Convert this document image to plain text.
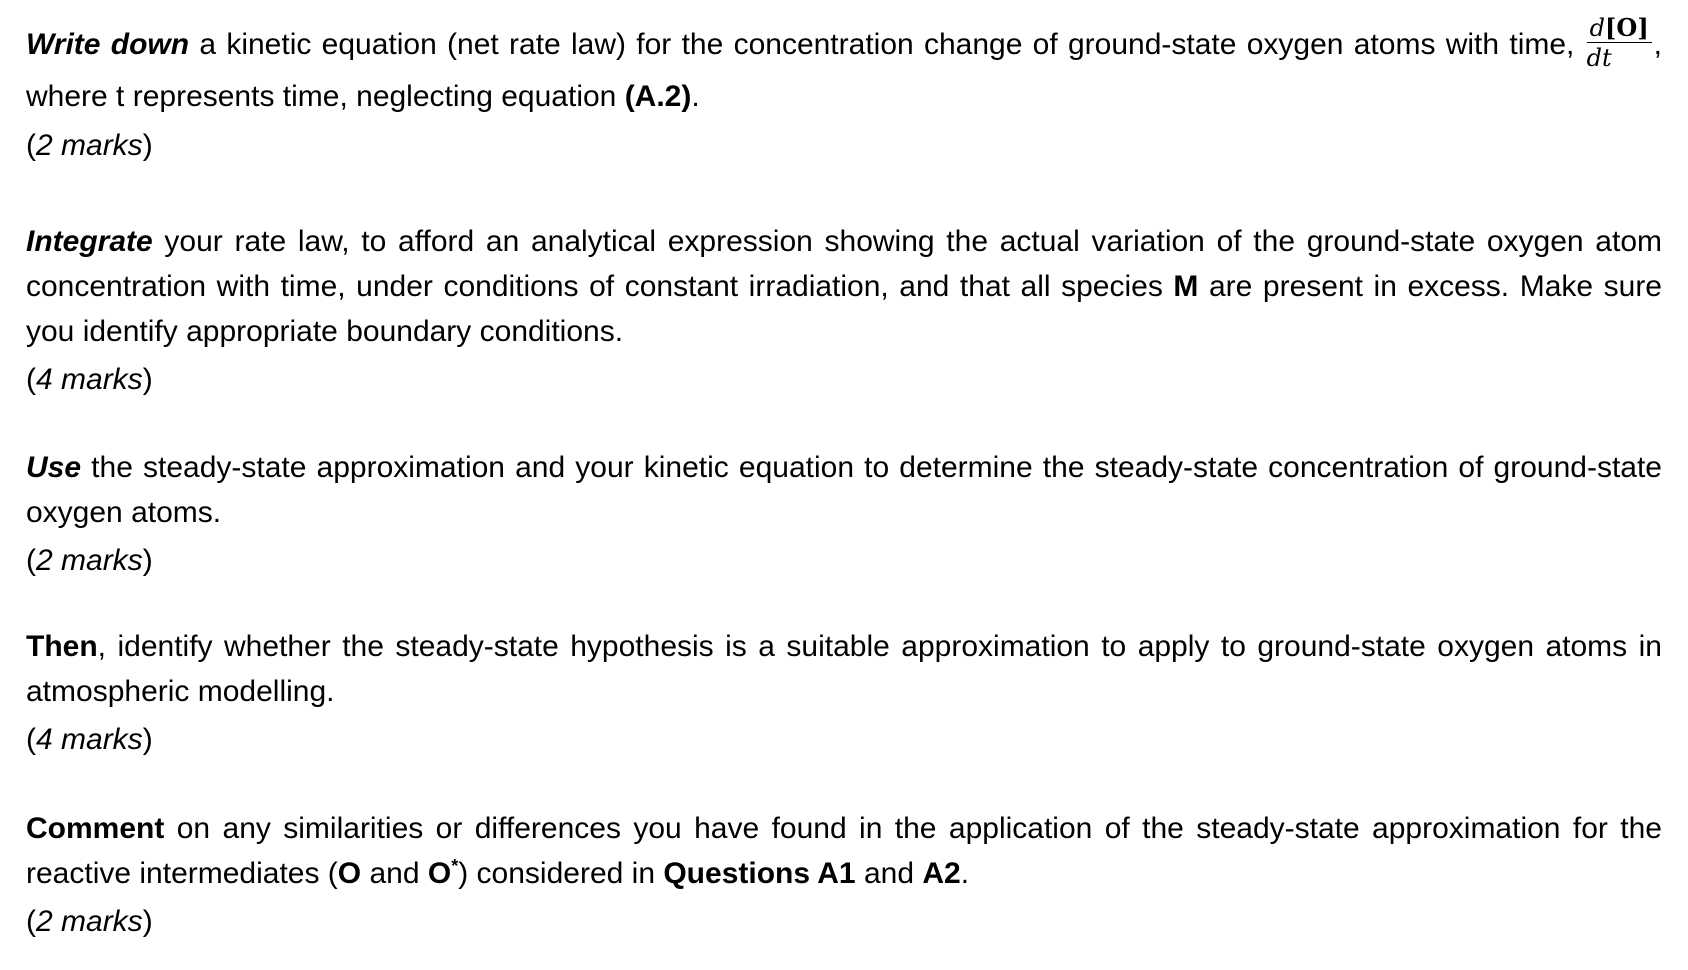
Write down a kinetic equation (net rate law) for the concentration change of ground-state oxygen atoms with time, $\frac{d[O]}{dt}$ , where t represents time, neglecting equation (A.2).

(2 marks)

Integrate your rate law, to afford an analytical expression showing the actual variation of the ground-state oxygen atom concentration with time, under conditions of constant irradiation, and that all species M are present in excess. Make sure you identify appropriate boundary conditions.

(4 marks)

Use the steady-state approximation and your kinetic equation to determine the steady-state concentration of ground-state oxygen atoms.

(2 marks)

Then, identify whether the steady-state hypothesis is a suitable approximation to apply to ground-state oxygen atoms in atmospheric modelling.

(4 marks)

Comment on any similarities or differences you have found in the application of the steady-state approximation for the reactive intermediates (O and O*) considered in Questions A1 and A2.

(2 marks)
